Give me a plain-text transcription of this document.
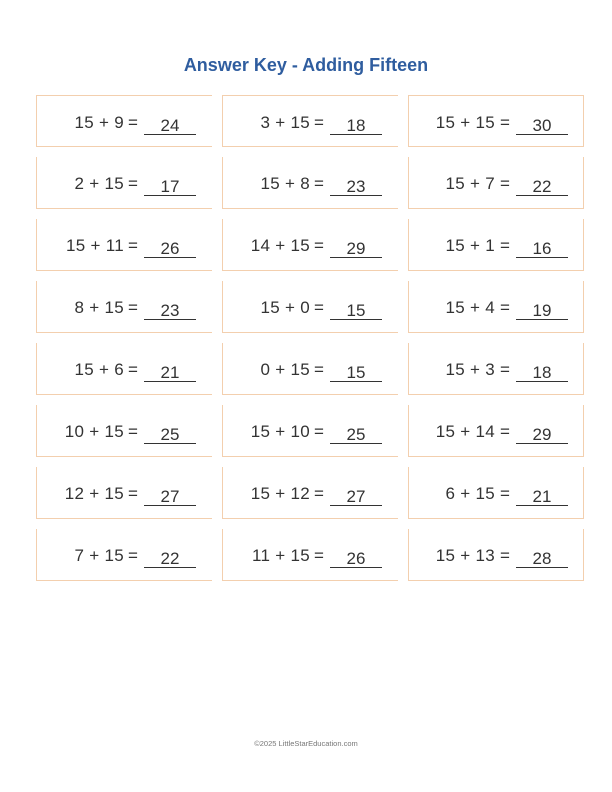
Answer Key - Adding Fifteen
15 + 9 =	24	3 + 15 =	18	15 + 15 =	30
2 + 15 =	17	15 + 8 =	23	15 + 7 =	22
15 + 11 =	26	14 + 15 =	29	15 + 1 =	16
8 + 15 =	23	15 + 0 =	15	15 + 4 =	19
15 + 6 =	21	0 + 15 =	15	15 + 3 =	18
10 + 15 =	25	15 + 10 =	25	15 + 14 =	29
12 + 15 =	27	15 + 12 =	27	6 + 15 =	21
7 + 15 =	22	11 + 15 =	26	15 + 13 =	28
©2025 LittleStarEducation.com
